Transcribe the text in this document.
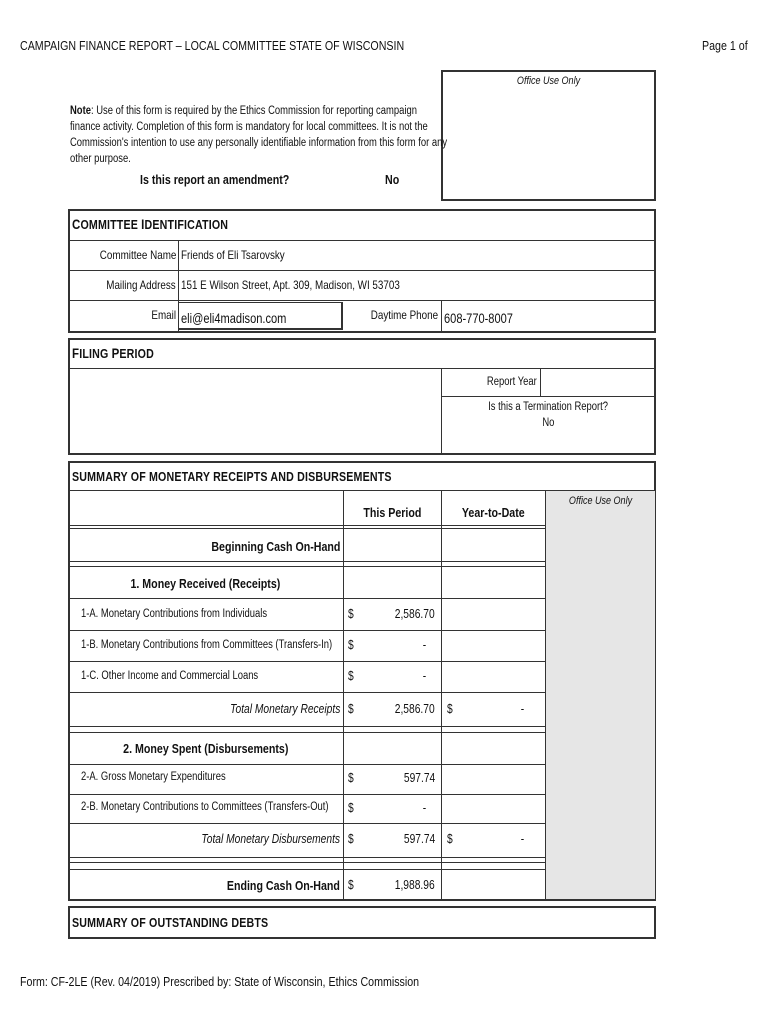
CAMPAIGN FINANCE REPORT – LOCAL COMMITTEE STATE OF WISCONSIN	Page 1 of
Office Use Only
Note: Use of this form is required by the Ethics Commission for reporting campaign finance activity. Completion of this form is mandatory for local committees. It is not the Commission's intention to use any personally identifiable information from this form for any other purpose.
Is this report an amendment?	No
COMMITTEE IDENTIFICATION
Committee Name Friends of Eli Tsarovsky
Mailing Address 151 E Wilson Street, Apt. 309, Madison, WI 53703
Email eli@eli4madison.com	Daytime Phone 608-770-8007
FILING PERIOD
Report Year
Is this a Termination Report?
No
SUMMARY OF MONETARY RECEIPTS AND DISBURSEMENTS
Office Use Only
This Period	Year-to-Date
Beginning Cash On-Hand
1. Money Received (Receipts)
1-A. Monetary Contributions from Individuals	$	2,586.70
1-B. Monetary Contributions from Committees (Transfers-In)	$	-
1-C. Other Income and Commercial Loans	$	-
Total Monetary Receipts $	2,586.70 $	-
2. Money Spent (Disbursements)
2-A. Gross Monetary Expenditures	$	597.74
2-B. Monetary Contributions to Committees (Transfers-Out)	$	-
Total Monetary Disbursements $	597.74 $	-
Ending Cash On-Hand $	1,988.96
SUMMARY OF OUTSTANDING DEBTS
Form: CF-2LE (Rev. 04/2019) Prescribed by: State of Wisconsin, Ethics Commission
